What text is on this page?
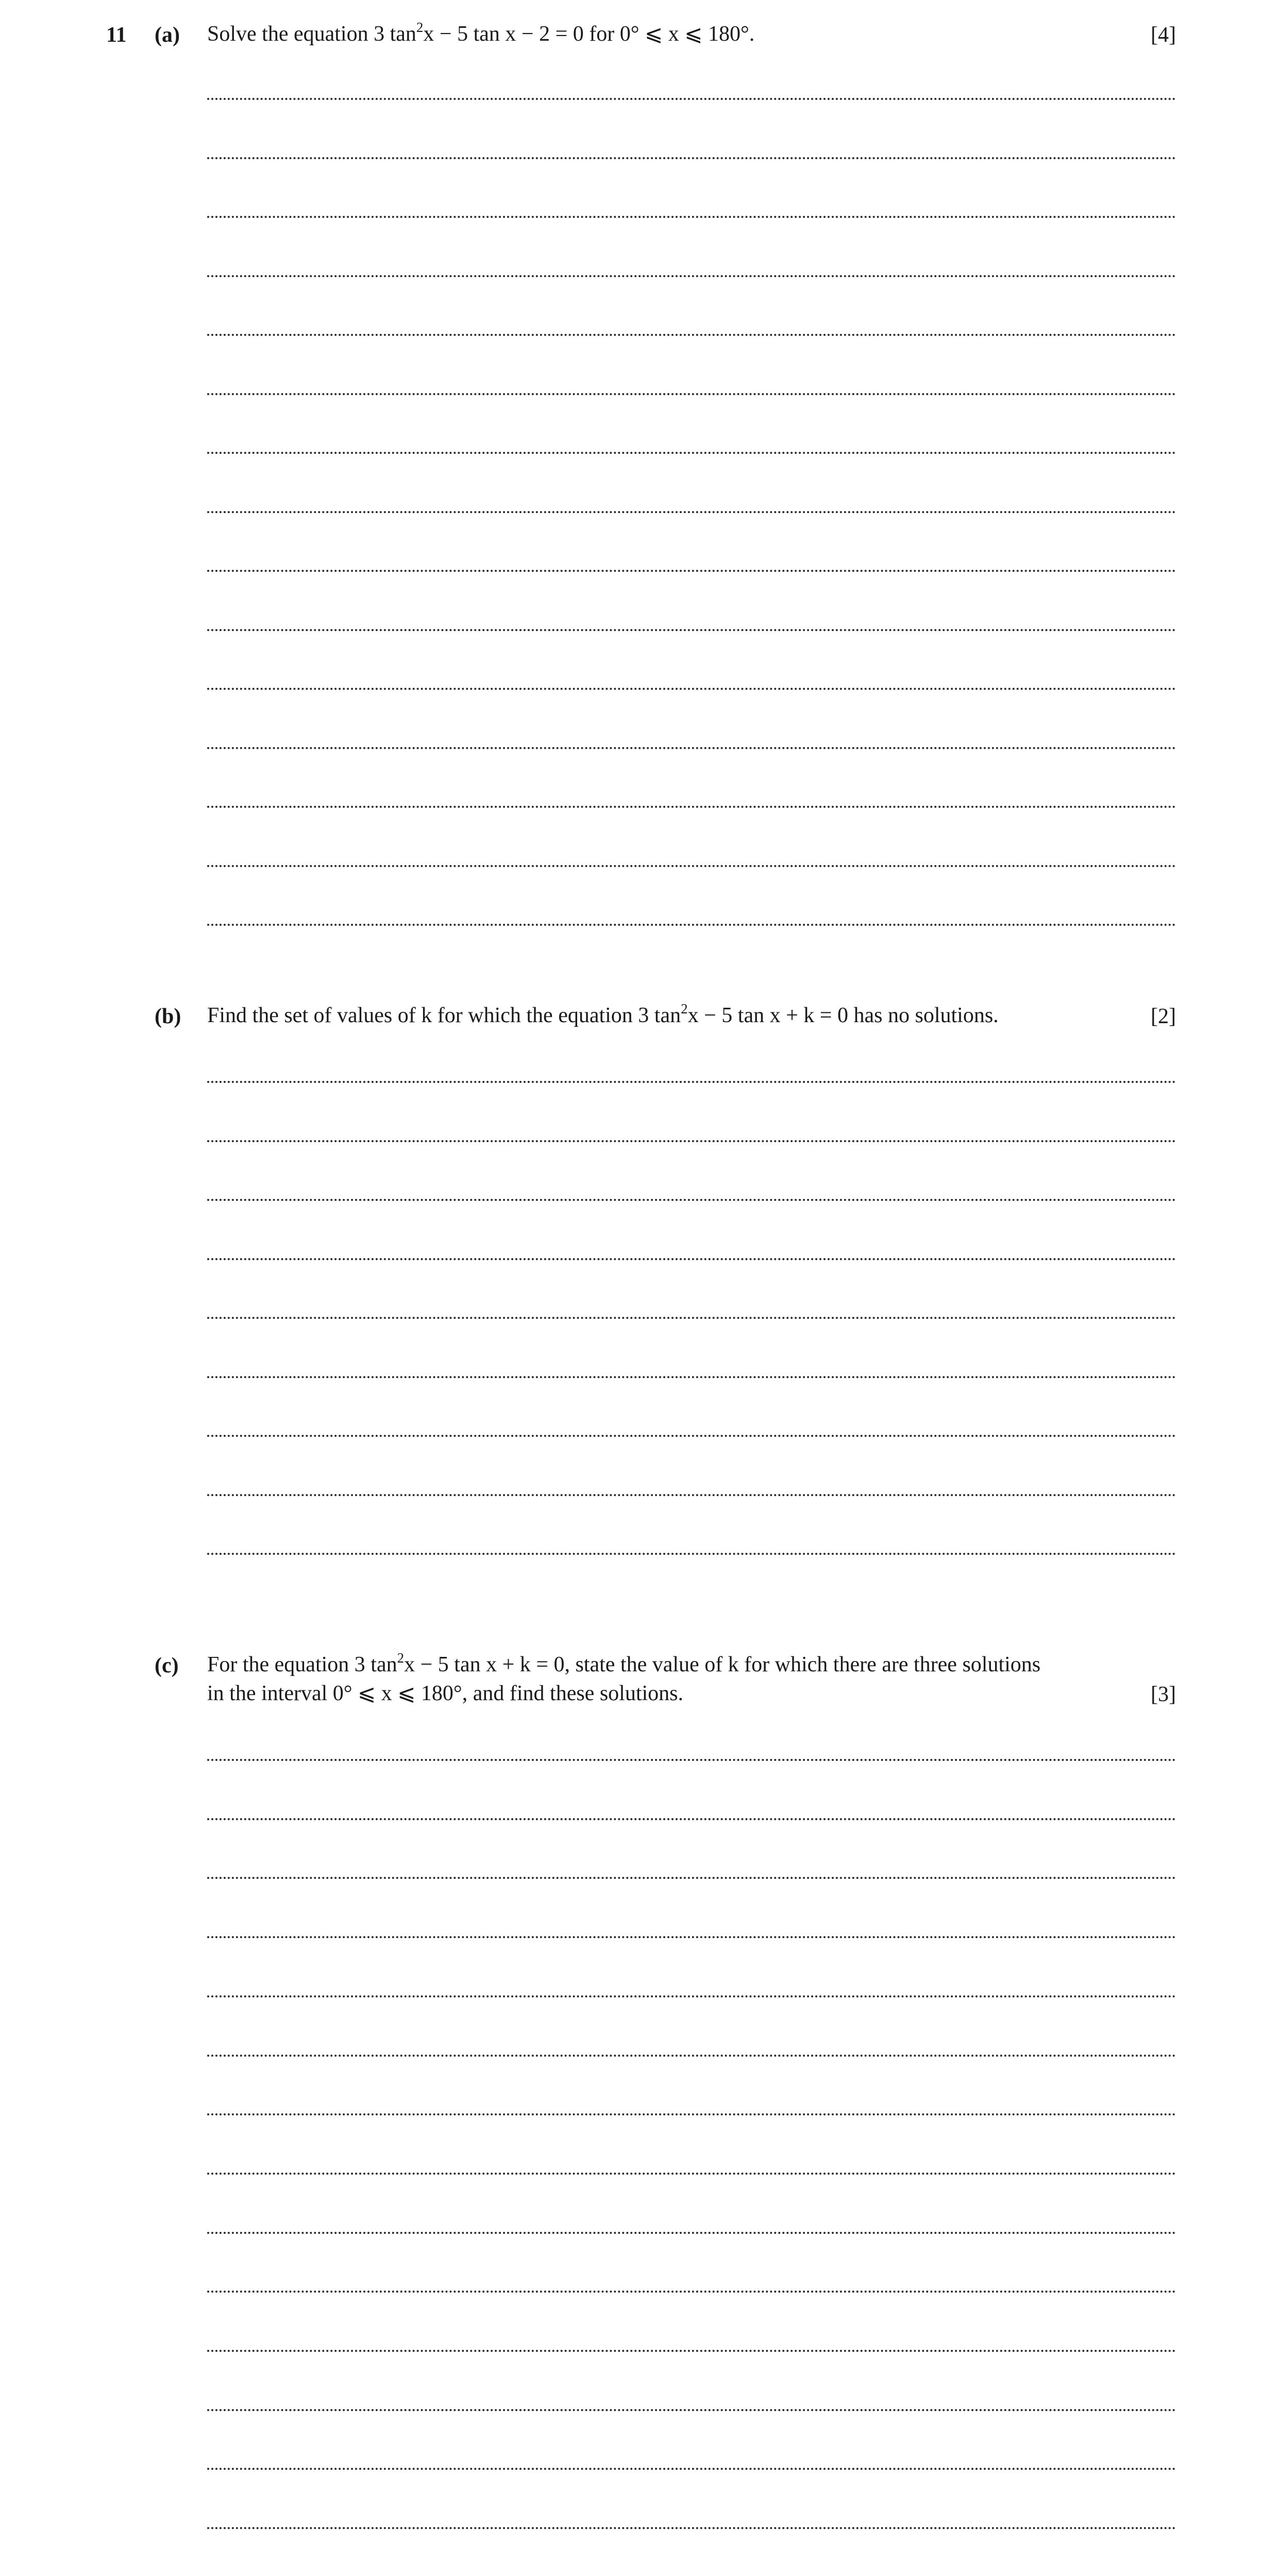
11 (a) Solve the equation 3 $\tan^2x - 5$ tan x − 2 = 0 for 0° ⩽ x ⩽ 180°.	[4]
(b) Find the set of values of k for which the equation 3 $\tan^2x - 5$ tan x + k = 0 has no solutions.	[2]
(c) For the equation 3 $\tan^2x - 5$ tan x + k = 0, state the value of k for which there are three solutions
in the interval 0° ⩽ x ⩽ 180°, and find these solutions.	[3]
